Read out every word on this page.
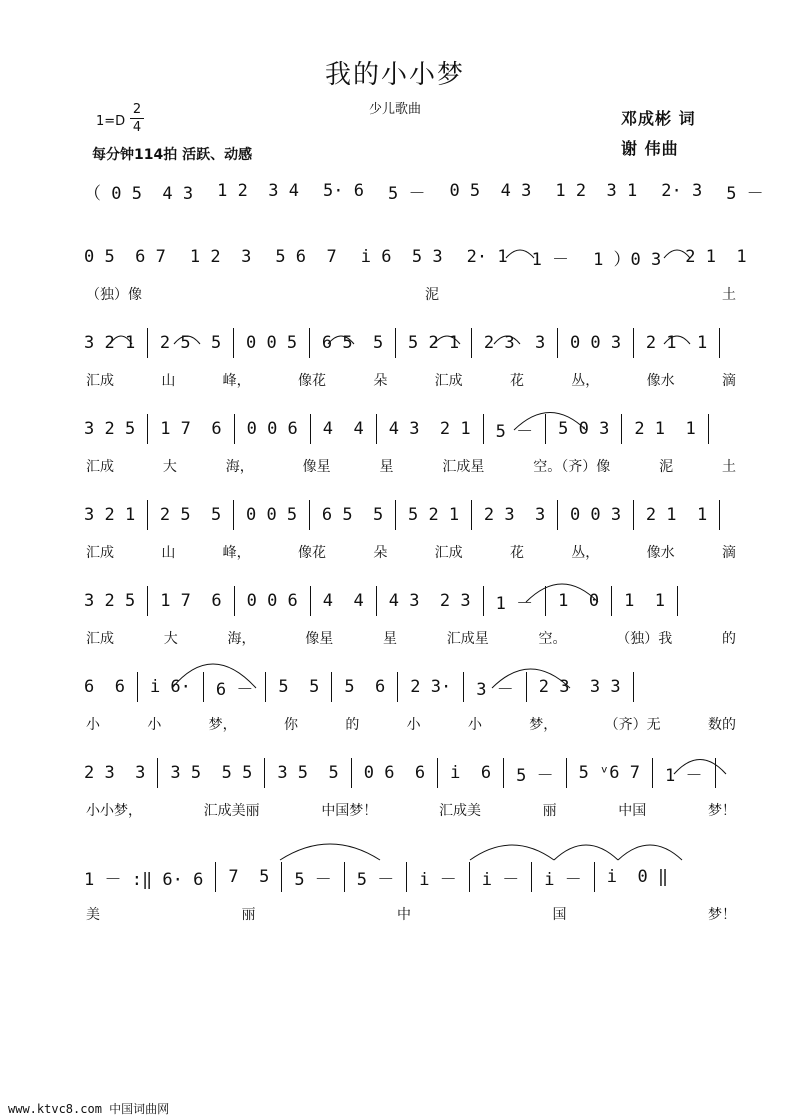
我的小小梦
少儿歌曲
1=D
2
4
每分钟114拍 活跃、动感
邓成彬 词
谢 伟曲
（ 0 5  4 3 1 2  3 4 5· 6 5 － 0 5  4 3 1 2  3 1 2· 3 5 －
0 5  6 7 1 2  3 5 6  7 i 6  5 3 2· 1 1 － 1 ）0 3 2 1  1
（独）像	泥	土
3 2 1 2 5  5 0 0 5 6 5  5 5 2 1 2 3  3 0 0 3 2 1  1
汇成	山	峰，	像花	朵	汇成	花	丛，	像水	滴
3 2 5 1 7  6 0 0 6 4  4 4 3  2 1 5 － 5 0 3 2 1  1
汇成	大	海，	像星	星	汇成星	空。（齐）像	泥	土
3 2 1 2 5  5 0 0 5 6 5  5 5 2 1 2 3  3 0 0 3 2 1  1
汇成	山	峰，	像花	朵	汇成	花	丛，	像水	滴
3 2 5 1 7  6 0 0 6 4  4 4 3  2 3 1 － 1  0 1  1
汇成	大	海，	像星	星	汇成星	空。	（独）我	的
6  6 i 6· 6 － 5  5 5  6 2 3· 3 － 2 3  3 3
小	小	梦，	你	的	小	小	梦，	（齐）无	数的
2 3  3 3 5  5 5 3 5  5 0 6  6 i  6 5 － 5 ᵛ6 7 1 －
小小梦，	汇成美丽	中国梦！	汇成美	丽	中国	梦！
1 － :‖ 6· 6 7  5 5 － 5 － i － i － i － i  0 ‖
美	丽	中	国	梦！
www.ktvc8.com 中国词曲网
